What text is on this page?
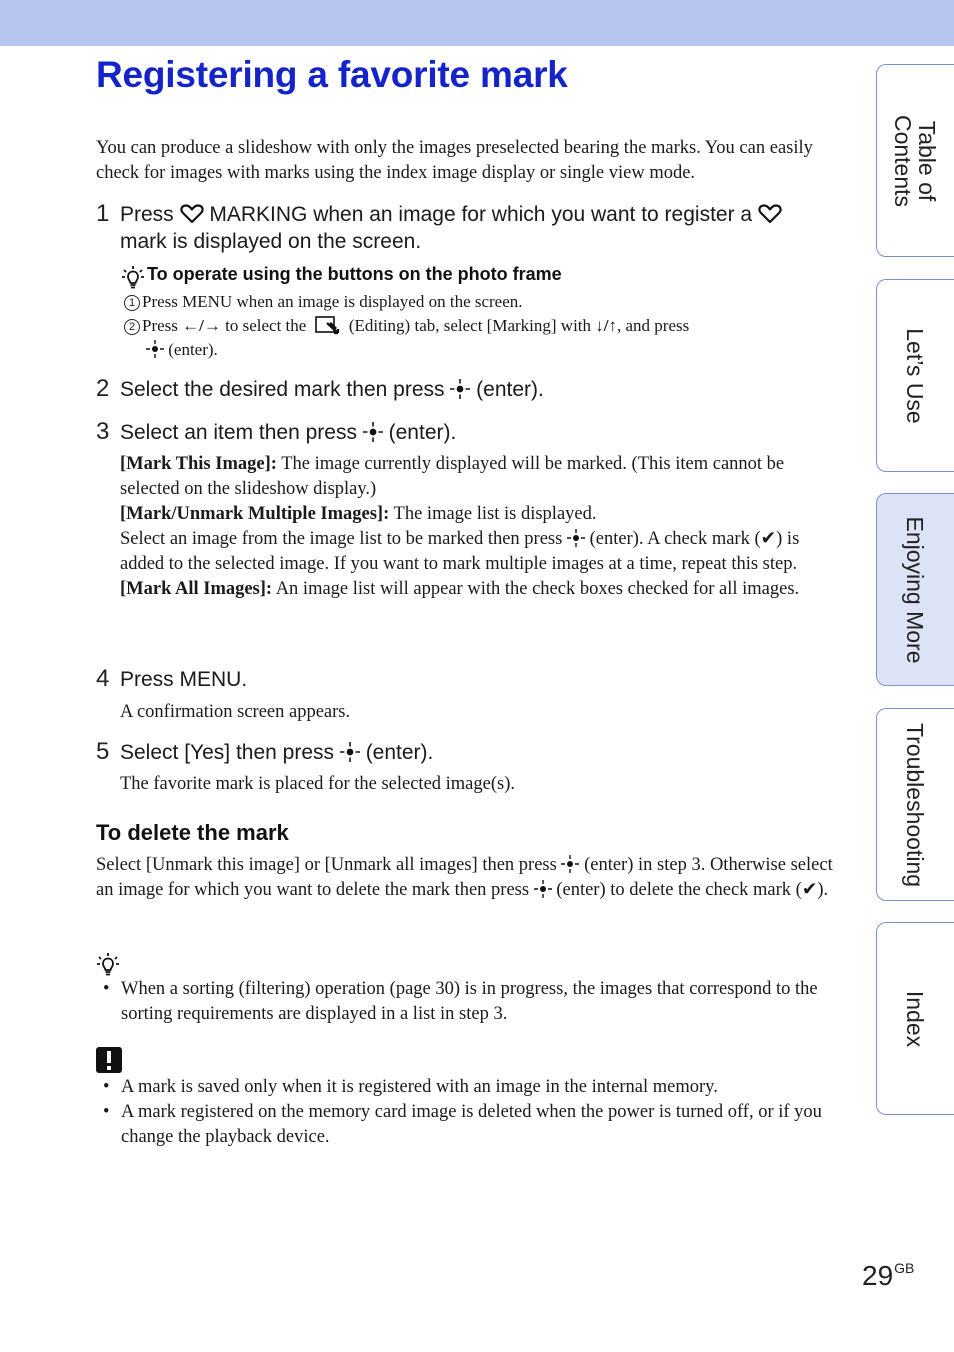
Registering a favorite mark

You can produce a slideshow with only the images preselected bearing the marks. You can easily check for images with marks using the index image display or single view mode.

1 Press  MARKING when an image for which you want to register a
mark is displayed on the screen.
To operate using the buttons on the photo frame
1 Press MENU when an image is displayed on the screen.
2 Press ←/→ to select the  (Editing) tab, select [Marking] with ↓/↑, and press
(enter).
2 Select the desired mark then press  (enter).
3 Select an item then press  (enter).

[Mark This Image]: The image currently displayed will be marked. (This item cannot be selected on the slideshow display.)

[Mark/Unmark Multiple Images]: The image list is displayed.

Select an image from the image list to be marked then press  (enter). A check mark (✔) is added to the selected image. If you want to mark multiple images at a time, repeat this step.

[Mark All Images]: An image list will appear with the check boxes checked for all images.

4 Press MENU.

A confirmation screen appears.

5 Select [Yes] then press  (enter).

The favorite mark is placed for the selected image(s).

To delete the mark

Select [Unmark this image] or [Unmark all images] then press  (enter) in step 3. Otherwise select an image for which you want to delete the mark then press  (enter) to delete the check mark (✔).

• When a sorting (filtering) operation (page 30) is in progress, the images that correspond to the sorting requirements are displayed in a list in step 3.

• A mark is saved only when it is registered with an image in the internal memory.

• A mark registered on the memory card image is deleted when the power is turned off, or if you change the playback device.

Table of
Contents
Let’s Use
Enjoying More
Troubleshooting
Index
$29^{GB}$
